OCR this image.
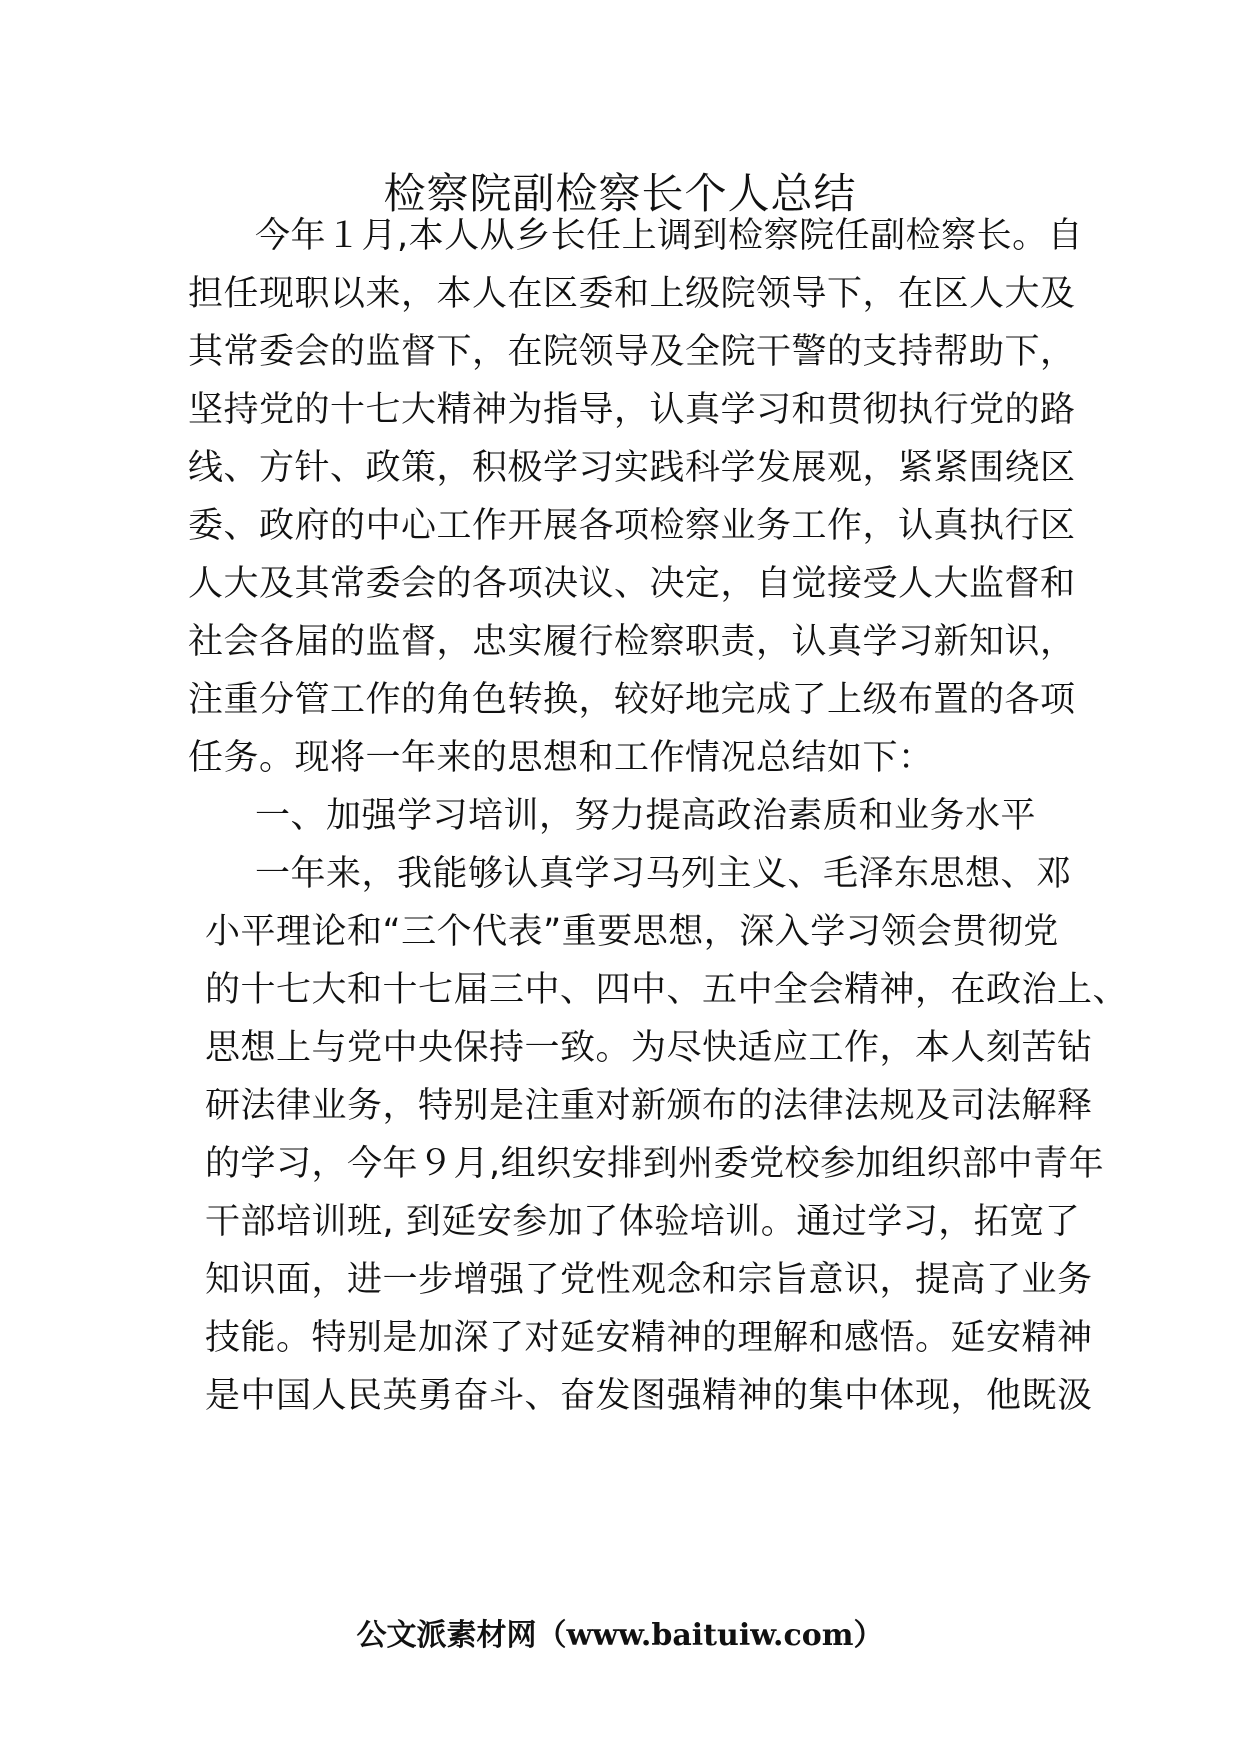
检察院副检察长个人总结
今年１月,本人从乡长任上调到检察院任副检察长。自
担任现职以来，本人在区委和上级院领导下，在区人大及
其常委会的监督下，在院领导及全院干警的支持帮助下，
坚持党的十七大精神为指导，认真学习和贯彻执行党的路
线、方针、政策，积极学习实践科学发展观，紧紧围绕区
委、政府的中心工作开展各项检察业务工作，认真执行区
人大及其常委会的各项决议、决定，自觉接受人大监督和
社会各届的监督，忠实履行检察职责，认真学习新知识，
注重分管工作的角色转换，较好地完成了上级布置的各项
任务。现将一年来的思想和工作情况总结如下：
一、加强学习培训，努力提高政治素质和业务水平
一年来，我能够认真学习马列主义、毛泽东思想、邓
小平理论和“三个代表”重要思想，深入学习领会贯彻党
的十七大和十七届三中、四中、五中全会精神，在政治上、
思想上与党中央保持一致。为尽快适应工作，本人刻苦钻
研法律业务，特别是注重对新颁布的法律法规及司法解释
的学习，今年９月,组织安排到州委党校参加组织部中青年
干部培训班, 到延安参加了体验培训。通过学习，拓宽了
知识面，进一步增强了党性观念和宗旨意识，提高了业务
技能。特别是加深了对延安精神的理解和感悟。延安精神
是中国人民英勇奋斗、奋发图强精神的集中体现，他既汲
公文派素材网（www.baituiw.com）
